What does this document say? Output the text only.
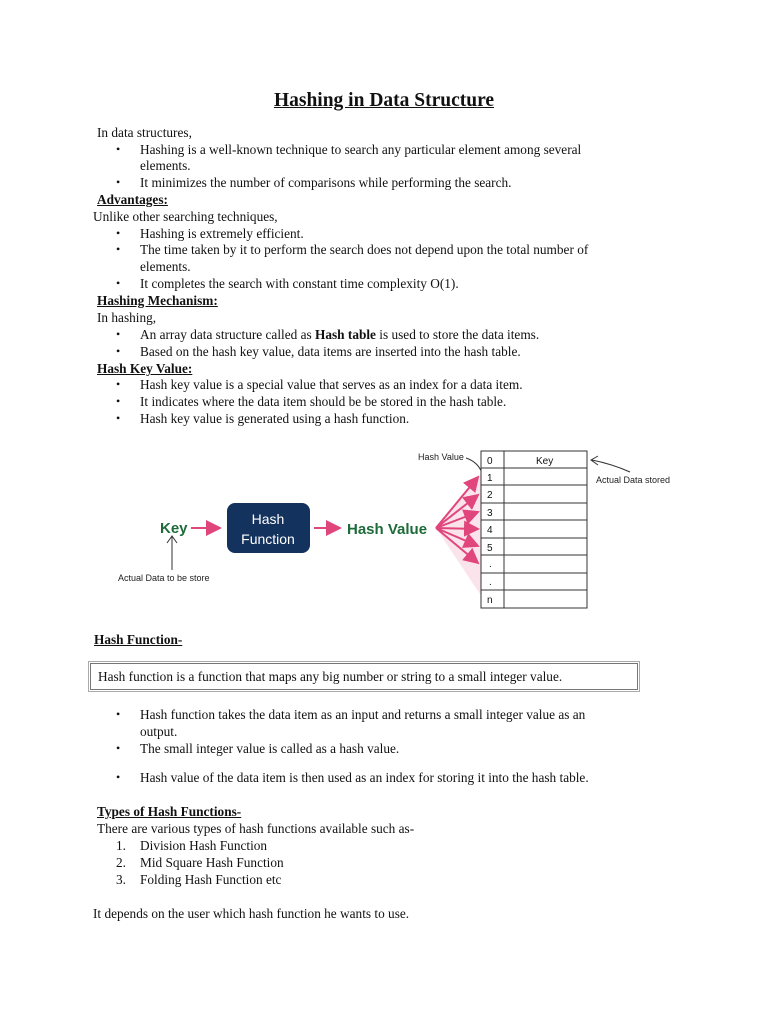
Hashing in Data Structure
In data structures,
• Hashing is a well-known technique to search any particular element among several
elements.
• It minimizes the number of comparisons while performing the search.
Advantages:
Unlike other searching techniques,
• Hashing is extremely efficient.
• The time taken by it to perform the search does not depend upon the total number of
elements.
• It completes the search with constant time complexity O(1).
Hashing Mechanism:
In hashing,
• An array data structure called as Hash table is used to store the data items.
• Based on the hash key value, data items are inserted into the hash table.
Hash Key Value:
• Hash key value is a special value that serves as an index for a data item.
• It indicates where the data item should be be stored in the hash table.
• Hash key value is generated using a hash function.
Key
Hash
Function
Hash Value
Actual Data to be store
Hash Value 0	Key
1
2
3
4
5
.
.
n
Actual Data stored
Hash Function-
Hash function is a function that maps any big number or string to a small integer value.
• Hash function takes the data item as an input and returns a small integer value as an
output.
• The small integer value is called as a hash value.
• Hash value of the data item is then used as an index for storing it into the hash table.
Types of Hash Functions-
There are various types of hash functions available such as-
1. Division Hash Function
2. Mid Square Hash Function
3. Folding Hash Function etc
It depends on the user which hash function he wants to use.
